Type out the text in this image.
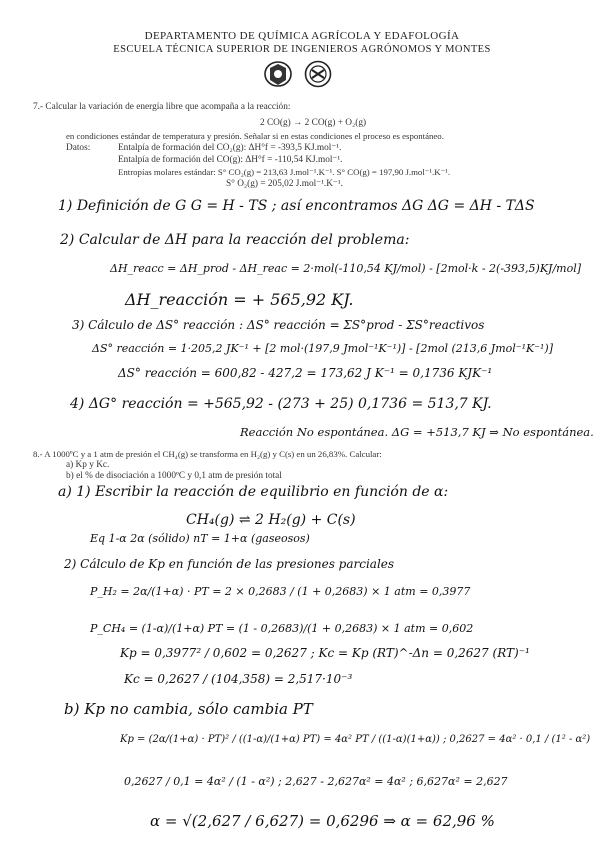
DEPARTAMENTO DE QUÍMICA AGRÍCOLA Y EDAFOLOGÍA
ESCUELA TÉCNICA SUPERIOR DE INGENIEROS AGRÓNOMOS Y MONTES
7.- Calcular la variación de energía libre que acompaña a la reacción:
2 CO(g) → 2 CO(g) + O₂(g)
en condiciones estándar de temperatura y presión. Señalar si en estas condiciones el proceso es espontáneo.
Datos:	Entalpía de formación del CO₂(g): ΔH°f = -393,5 KJ.mol⁻¹.
Entalpía de formación del CO(g): ΔH°f = -110,54 KJ.mol⁻¹.
Entropías molares estándar: S° CO₂(g) = 213,63 J.mol⁻¹.K⁻¹. S° CO(g) = 197,90 J.mol⁻¹.K⁻¹.
S° O₂(g) = 205,02 J.mol⁻¹.K⁻¹.
1) Definición de G G = H - TS ; así encontramos ΔG ΔG = ΔH - TΔS
2) Calcular de ΔH para la reacción del problema:
ΔH_reacc = ΔH_prod - ΔH_reac = 2·mol(-110,54 KJ/mol) - [2mol·k - 2(-393,5)KJ/mol]
ΔH_reacción = + 565,92 KJ.
3) Cálculo de ΔS° reacción : ΔS° reacción = ΣS°prod - ΣS°reactivos
ΔS° reacción = 1·205,2 JK⁻¹ + [2 mol·(197,9 Jmol⁻¹K⁻¹)] - [2mol (213,6 Jmol⁻¹K⁻¹)]
ΔS° reacción = 600,82 - 427,2 = 173,62 J K⁻¹ = 0,1736 KJK⁻¹
4) ΔG° reacción = +565,92 - (273 + 25) 0,1736 = 513,7 KJ.
Reacción No espontánea. ΔG = +513,7 KJ ⇒ No espontánea.
8.- A 1000ºC y a 1 atm de presión el CH₄(g) se transforma en H₂(g) y C(s) en un 26,83%. Calcular:
a) Kp y Kc.
b) el % de disociación a 1000ºC y 0,1 atm de presión total
a) 1) Escribir la reacción de equilibrio en función de α:
CH₄(g) ⇌ 2 H₂(g) + C(s)
Eq 1-α 2α (sólido) nT = 1+α (gaseosos)
2) Cálculo de Kp en función de las presiones parciales
P_H₂ = 2α/(1+α) · PT = 2 × 0,2683 / (1 + 0,2683) × 1 atm = 0,3977
P_CH₄ = (1-α)/(1+α) PT = (1 - 0,2683)/(1 + 0,2683) × 1 atm = 0,602
Kp = 0,3977² / 0,602 = 0,2627 ; Kc = Kp (RT)^-Δn = 0,2627 (RT)⁻¹
Kc = 0,2627 / (104,358) = 2,517·10⁻³
b) Kp no cambia, sólo cambia PT
Kp = (2α/(1+α) · PT)² / ((1-α)/(1+α) PT) = 4α² PT / ((1-α)(1+α)) ; 0,2627 = 4α² · 0,1 / (1² - α²)
0,2627 / 0,1 = 4α² / (1 - α²) ; 2,627 - 2,627α² = 4α² ; 6,627α² = 2,627
α = √(2,627 / 6,627) = 0,6296 ⇒ α = 62,96 %
